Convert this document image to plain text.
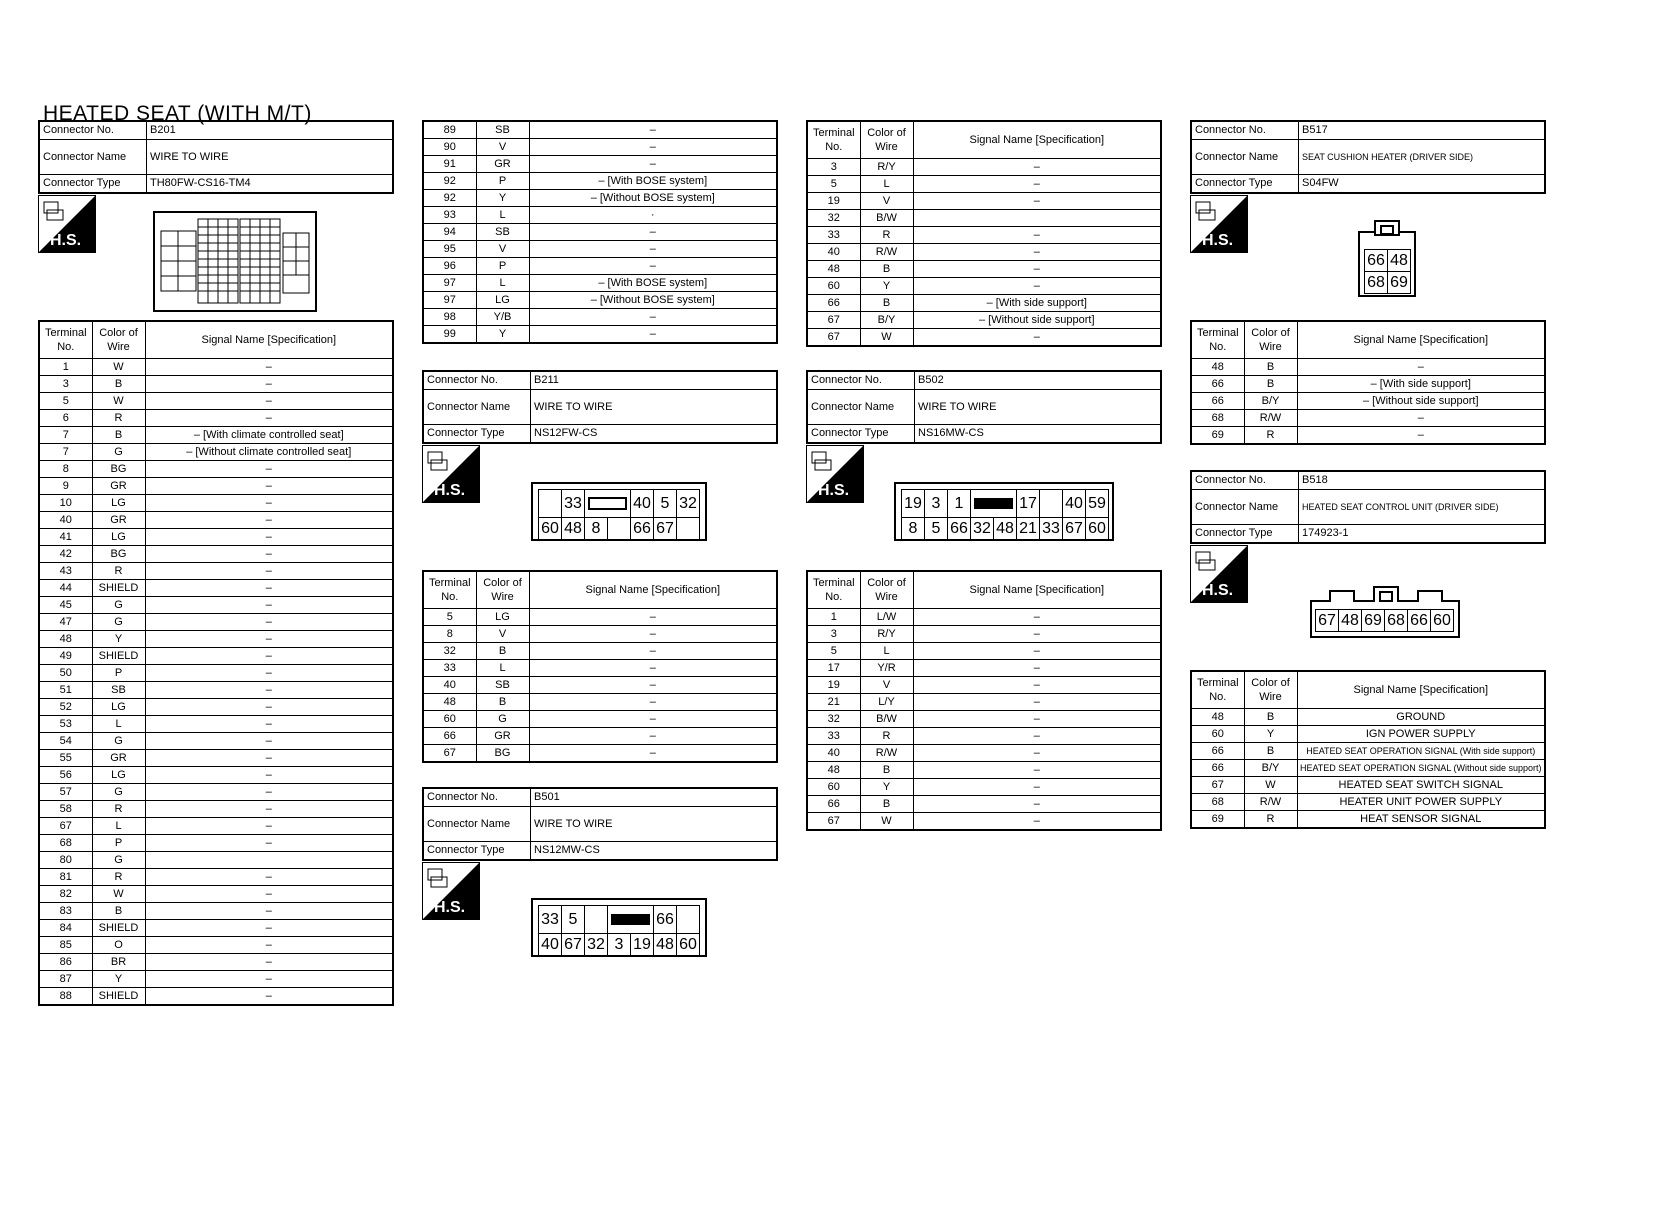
HEATED SEAT (WITH M/T)
Connector No.	B201
Connector Name	WIRE TO WIRE
Connector Type	TH80FW-CS16-TM4
H.S.
Terminal No.	Color of Wire	Signal Name [Specification]
1	W	–
3	B	–
5	W	–
6	R	–
7	B	– [With climate controlled seat]
7	G	– [Without climate controlled seat]
8	BG	–
9	GR	–
10	LG	–
40	GR	–
41	LG	–
42	BG	–
43	R	–
44	SHIELD	–
45	G	–
47	G	–
48	Y	–
49	SHIELD	–
50	P	–
51	SB	–
52	LG	–
53	L	–
54	G	–
55	GR	–
56	LG	–
57	G	–
58	R	–
67	L	–
68	P	–
80	G	
81	R	–
82	W	–
83	B	–
84	SHIELD	–
85	O	–
86	BR	–
87	Y	–
88	SHIELD	–
89	SB	–
90	V	–
91	GR	–
92	P	– [With BOSE system]
92	Y	– [Without BOSE system]
93	L	·
94	SB	–
95	V	–
96	P	–
97	L	– [With BOSE system]
97	LG	– [Without BOSE system]
98	Y/B	–
99	Y	–
Connector No.	B211
Connector Name	WIRE TO WIRE
Connector Type	NS12FW-CS
H.S.
	33			40	5	32
60	48	8		66	67	
Terminal No.	Color of Wire	Signal Name [Specification]
5	LG	–
8	V	–
32	B	–
33	L	–
40	SB	–
48	B	–
60	G	–
66	GR	–
67	BG	–
Connector No.	B501
Connector Name	WIRE TO WIRE
Connector Type	NS12MW-CS
H.S.
33	5				66	
40	67	32	3	19	48	60
Terminal No.	Color of Wire	Signal Name [Specification]
3	R/Y	–
5	L	–
19	V	–
32	B/W	
33	R	–
40	R/W	–
48	B	–
60	Y	–
66	B	– [With side support]
67	B/Y	– [Without side support]
67	W	–
Connector No.	B502
Connector Name	WIRE TO WIRE
Connector Type	NS16MW-CS
H.S.
19	3	1			17		40	59
8	5	66	32	48	21	33	67	60
Terminal No.	Color of Wire	Signal Name [Specification]
1	L/W	–
3	R/Y	–
5	L	–
17	Y/R	–
19	V	–
21	L/Y	–
32	B/W	–
33	R	–
40	R/W	–
48	B	–
60	Y	–
66	B	–
67	W	–
Connector No.	B517
Connector Name	SEAT CUSHION HEATER (DRIVER SIDE)
Connector Type	S04FW
H.S.
66	48
68	69
Terminal No.	Color of Wire	Signal Name [Specification]
48	B	–
66	B	– [With side support]
66	B/Y	– [Without side support]
68	R/W	–
69	R	–
Connector No.	B518
Connector Name	HEATED SEAT CONTROL UNIT (DRIVER SIDE)
Connector Type	174923-1
H.S.
67	48	69	68	66	60
Terminal No.	Color of Wire	Signal Name [Specification]
48	B	GROUND
60	Y	IGN POWER SUPPLY
66	B	HEATED SEAT OPERATION SIGNAL (With side support)
66	B/Y	HEATED SEAT OPERATION SIGNAL (Without side support)
67	W	HEATED SEAT SWITCH SIGNAL
68	R/W	HEATER UNIT POWER SUPPLY
69	R	HEAT SENSOR SIGNAL
